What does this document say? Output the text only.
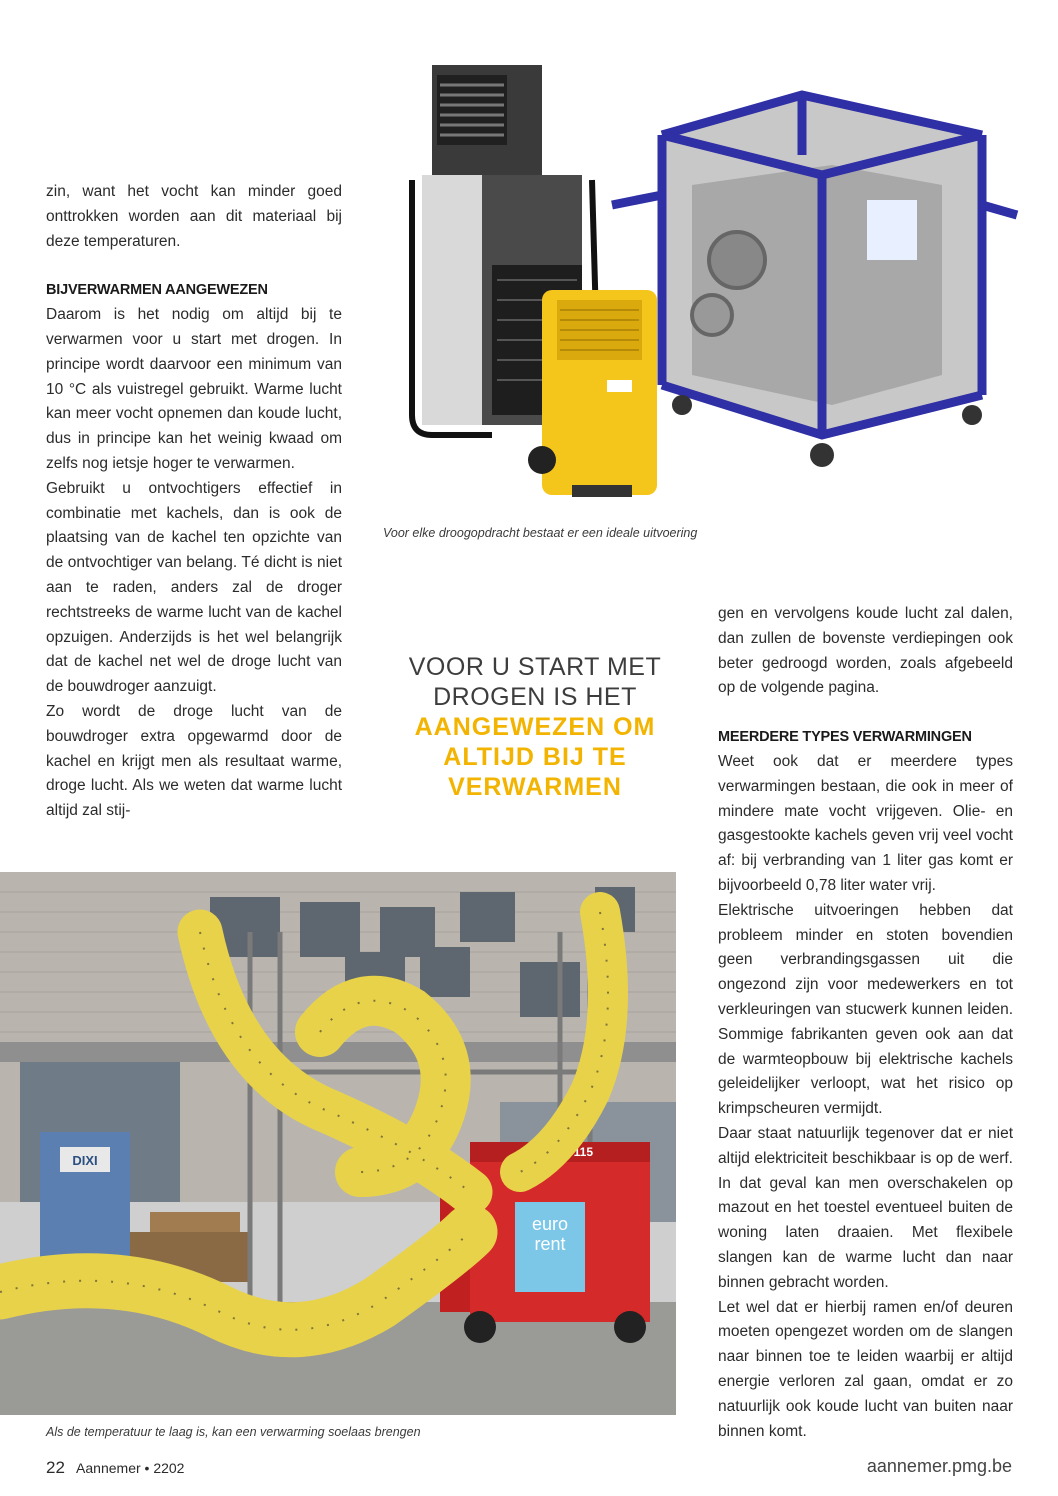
zin, want het vocht kan minder goed onttrokken worden aan dit materiaal bij deze temperaturen.

BIJVERWARMEN AANGEWEZEN

Daarom is het nodig om altijd bij te verwarmen voor u start met drogen. In principe wordt daarvoor een minimum van 10 °C als vuistregel gebruikt. Warme lucht kan meer vocht opnemen dan koude lucht, dus in principe kan het weinig kwaad om zelfs nog ietsje hoger te verwarmen.

Gebruikt u ontvochtigers effectief in combinatie met kachels, dan is ook de plaatsing van de kachel ten opzichte van de ontvochtiger van belang. Té dicht is niet aan te raden, anders zal de droger rechtstreeks de warme lucht van de kachel opzuigen. Anderzijds is het wel belangrijk dat de kachel net wel de droge lucht van de bouwdroger aanzuigt.

Zo wordt de droge lucht van de bouwdroger extra opgewarmd door de kachel en krijgt men als resultaat warme, droge lucht. Als we weten dat warme lucht altijd zal stij-

Voor elke droogopdracht bestaat er een ideale uitvoering
VOOR U START MET
DROGEN IS HET
AANGEWEZEN OM
ALTIJD BIJ TE
VERWARMEN

gen en vervolgens koude lucht zal dalen, dan zullen de bovenste verdiepingen ook beter gedroogd worden, zoals afgebeeld op de volgende pagina.

MEERDERE TYPES VERWARMINGEN

Weet ook dat er meerdere types verwarmingen bestaan, die ook in meer of mindere mate vocht vrijgeven. Olie- en gasgestookte kachels geven vrij veel vocht af: bij verbranding van 1 liter gas komt er bijvoorbeeld 0,78 liter water vrij.

Elektrische uitvoeringen hebben dat probleem minder en stoten bovendien geen verbrandingsgassen uit die ongezond zijn voor medewerkers en tot verkleuringen van stucwerk kunnen leiden. Sommige fabrikanten geven ook aan dat de warmteopbouw bij elektrische kachels geleidelijker verloopt, wat het risico op krimpscheuren vermijdt.

Daar staat natuurlijk tegenover dat er niet altijd elektriciteit beschikbaar is op de werf. In dat geval kan men overschakelen op mazout en het toestel eventueel buiten de woning laten draaien. Met flexibele slangen kan de warme lucht dan naar binnen gebracht worden.

Let wel dat er hierbij ramen en/of deuren moeten opengezet worden om de slangen naar binnen toe te leiden waarbij er altijd energie verloren zal gaan, omdat er zo natuurlijk ook koude lucht van buiten naar binnen komt.

DIXI
JUMBO 115
euro
rent
Als de temperatuur te laag is, kan een verwarming soelaas brengen
22 Aannemer • 2202	aannemer.pmg.be
